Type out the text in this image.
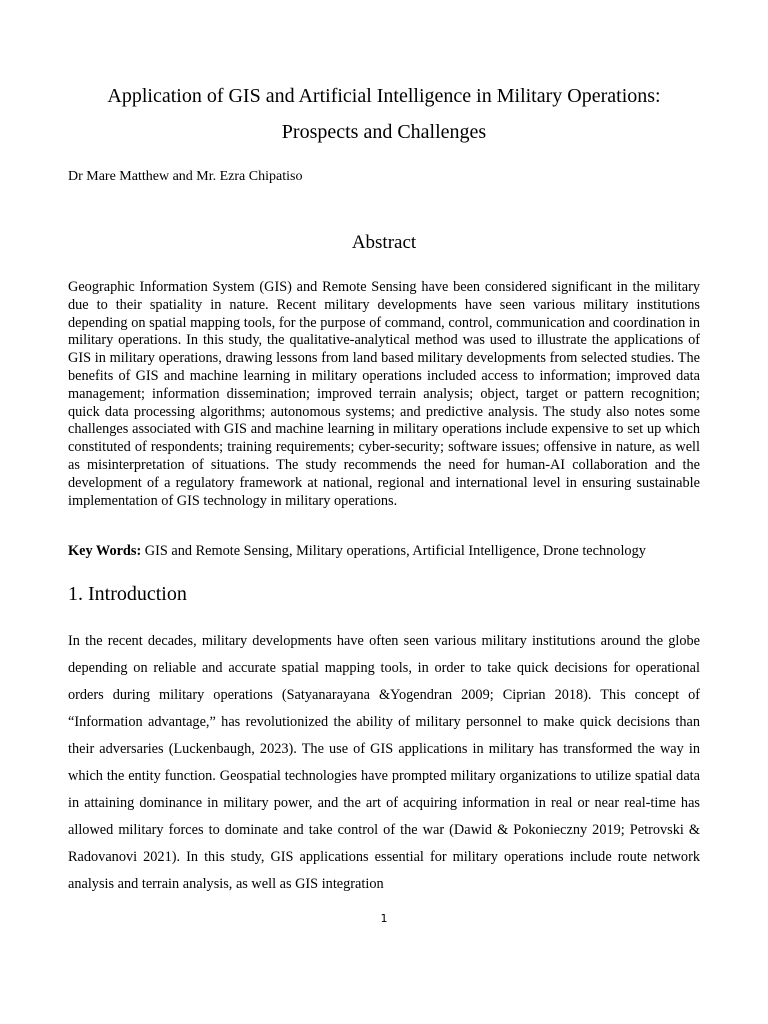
Application of GIS and Artificial Intelligence in Military Operations:
Prospects and Challenges

Dr Mare Matthew and Mr. Ezra Chipatiso

Abstract

Geographic Information System (GIS) and Remote Sensing have been considered significant in the military due to their spatiality in nature. Recent military developments have seen various military institutions depending on spatial mapping tools, for the purpose of command, control, communication and coordination in military operations. In this study, the qualitative-analytical method was used to illustrate the applications of GIS in military operations, drawing lessons from land based military developments from selected studies. The benefits of GIS and machine learning in military operations included access to information; improved data management; information dissemination; improved terrain analysis; object, target or pattern recognition; quick data processing algorithms; autonomous systems; and predictive analysis. The study also notes some challenges associated with GIS and machine learning in military operations include expensive to set up which constituted of respondents; training requirements; cyber-security; software issues; offensive in nature, as well as misinterpretation of situations. The study recommends the need for human-AI collaboration and the development of a regulatory framework at national, regional and international level in ensuring sustainable implementation of GIS technology in military operations.

Key Words: GIS and Remote Sensing, Military operations, Artificial Intelligence, Drone technology

1. Introduction

In the recent decades, military developments have often seen various military institutions around the globe depending on reliable and accurate spatial mapping tools, in order to take quick decisions for operational orders during military operations (Satyanarayana &Yogendran 2009; Ciprian 2018). This concept of “Information advantage,” has revolutionized the ability of military personnel to make quick decisions than their adversaries (Luckenbaugh, 2023). The use of GIS applications in military has transformed the way in which the entity function. Geospatial technologies have prompted military organizations to utilize spatial data in attaining dominance in military power, and the art of acquiring information in real or near real-time has allowed military forces to dominate and take control of the war (Dawid & Pokonieczny 2019; Petrovski & Radovanovi 2021). In this study, GIS applications essential for military operations include route network analysis and terrain analysis, as well as GIS integration

1
